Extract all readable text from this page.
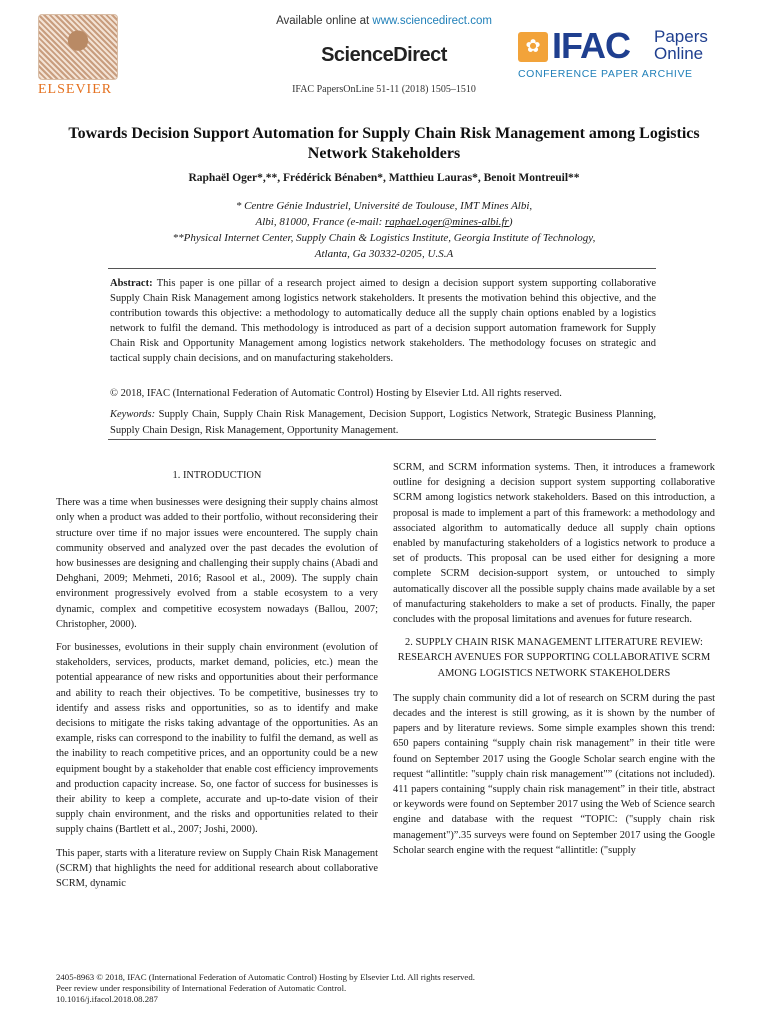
ELSEVIER
Available online at www.sciencedirect.com
ScienceDirect
IFAC PapersOnLine 51-11 (2018) 1505–1510
✿ IFAC Papers
Online
CONFERENCE PAPER ARCHIVE
Towards Decision Support Automation for Supply Chain Risk Management among Logistics Network Stakeholders
Raphaël Oger*,**, Frédérick Bénaben*, Matthieu Lauras*, Benoit Montreuil**
* Centre Génie Industriel, Université de Toulouse, IMT Mines Albi,
Albi, 81000, France (e-mail: raphael.oger@mines-albi.fr)
**Physical Internet Center, Supply Chain & Logistics Institute, Georgia Institute of Technology,
Atlanta, Ga 30332-0205, U.S.A
Abstract: This paper is one pillar of a research project aimed to design a decision support system supporting collaborative Supply Chain Risk Management among logistics network stakeholders. It presents the motivation behind this objective, and the contribution towards this objective: a methodology to automatically deduce all the supply chain options enabled by a logistics network to fulfil the demand. This methodology is introduced as part of a decision support automation framework for Supply Chain Risk and Opportunity Management among logistics network stakeholders. The methodology focuses on strategic and tactical supply chain decisions, and on manufacturing stakeholders.
© 2018, IFAC (International Federation of Automatic Control) Hosting by Elsevier Ltd. All rights reserved.
Keywords: Supply Chain, Supply Chain Risk Management, Decision Support, Logistics Network, Strategic Business Planning, Supply Chain Design, Risk Management, Opportunity Management.
1. INTRODUCTION

There was a time when businesses were designing their supply chains almost only when a product was added to their portfolio, without reconsidering their structure over time if no major issues were encountered. The supply chain community observed and analyzed over the past decades the evolution of how businesses are designing and challenging their supply chains (Abadi and Dehghani, 2009; Mehmeti, 2016; Rasool et al., 2009). The supply chain environment progressively evolved from a stable ecosystem to a very dynamic, complex and competitive ecosystem nowadays (Ballou, 2007; Christopher, 2000).

For businesses, evolutions in their supply chain environment (evolution of stakeholders, services, products, market demand, policies, etc.) mean the potential appearance of new risks and opportunities about their performance and ability to reach their objectives. To be competitive, businesses try to identify and assess risks and opportunities, so as to identify and make decisions to mitigate the risks taking advantage of the opportunities. As an example, risks can correspond to the inability to fulfil the demand, as well as the inability to reach competitive prices, and an opportunity could be a new equipment bought by a stakeholder that enable cost efficiency improvements and production capacity increase. So, one factor of success for businesses is their ability to keep a complete, accurate and up-to-date vision of their supply chain environment, and the risks and opportunities related to their supply chains (Bartlett et al., 2007; Joshi, 2000).

This paper, starts with a literature review on Supply Chain Risk Management (SCRM) that highlights the need for additional research about collaborative SCRM, dynamic

SCRM, and SCRM information systems. Then, it introduces a framework outline for designing a decision support system supporting collaborative SCRM among logistics network stakeholders. Based on this introduction, a proposal is made to implement a part of this framework: a methodology and associated algorithm to automatically deduce all supply chain options enabled by manufacturing stakeholders of a logistics network to produce a set of products. This proposal can be used either for designing a more complete SCRM decision-support system, or untouched to simply automatically discover all the possible supply chains made available by a set of manufacturing stakeholders to make a set of products. Finally, the paper concludes with the proposal limitations and avenues for future research.

2. SUPPLY CHAIN RISK MANAGEMENT LITERATURE REVIEW: RESEARCH AVENUES FOR SUPPORTING COLLABORATIVE SCRM AMONG LOGISTICS NETWORK STAKEHOLDERS

The supply chain community did a lot of research on SCRM during the past decades and the interest is still growing, as it is shown by the number of papers and by literature reviews. Some simple examples shown this trend: 650 papers containing “supply chain risk management” in their title were found on September 2017 using the Google Scholar search engine with the request “allintitle: "supply chain risk management"” (citations not included). 411 papers containing “supply chain risk management” in their title, abstract or keywords were found on September 2017 using the Web of Science search engine and database with the request “TOPIC: ("supply chain risk management")”.35 surveys were found on September 2017 using the Google Scholar search engine with the request “allintitle: ("supply

2405-8963 © 2018, IFAC (International Federation of Automatic Control) Hosting by Elsevier Ltd. All rights reserved.
Peer review under responsibility of International Federation of Automatic Control.
10.1016/j.ifacol.2018.08.287
